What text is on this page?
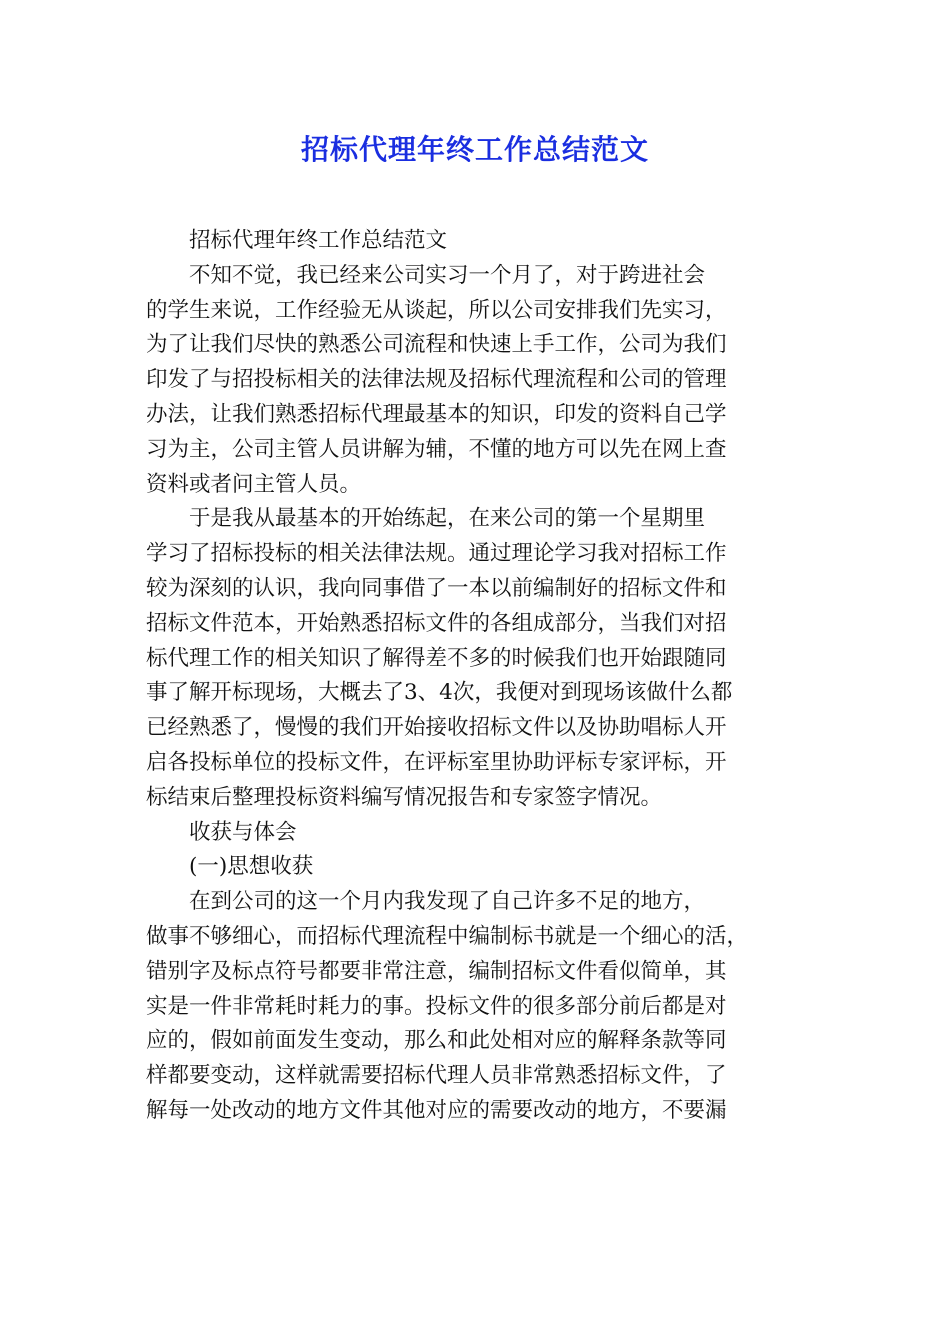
招标代理年终工作总结范文

招标代理年终工作总结范文

不知不觉，我已经来公司实习一个月了，对于跨进社会
的学生来说，工作经验无从谈起，所以公司安排我们先实习，
为了让我们尽快的熟悉公司流程和快速上手工作，公司为我们
印发了与招投标相关的法律法规及招标代理流程和公司的管理
办法，让我们熟悉招标代理最基本的知识，印发的资料自己学
习为主，公司主管人员讲解为辅，不懂的地方可以先在网上查
资料或者问主管人员。

于是我从最基本的开始练起，在来公司的第一个星期里
学习了招标投标的相关法律法规。通过理论学习我对招标工作
较为深刻的认识，我向同事借了一本以前编制好的招标文件和
招标文件范本，开始熟悉招标文件的各组成部分，当我们对招
标代理工作的相关知识了解得差不多的时候我们也开始跟随同
事了解开标现场，大概去了3、4次，我便对到现场该做什么都
已经熟悉了，慢慢的我们开始接收招标文件以及协助唱标人开
启各投标单位的投标文件，在评标室里协助评标专家评标，开
标结束后整理投标资料编写情况报告和专家签字情况。

收获与体会

(一)思想收获

在到公司的这一个月内我发现了自己许多不足的地方，
做事不够细心，而招标代理流程中编制标书就是一个细心的活，
错别字及标点符号都要非常注意，编制招标文件看似简单，其
实是一件非常耗时耗力的事。投标文件的很多部分前后都是对
应的，假如前面发生变动，那么和此处相对应的解释条款等同
样都要变动，这样就需要招标代理人员非常熟悉招标文件，了
解每一处改动的地方文件其他对应的需要改动的地方，不要漏
